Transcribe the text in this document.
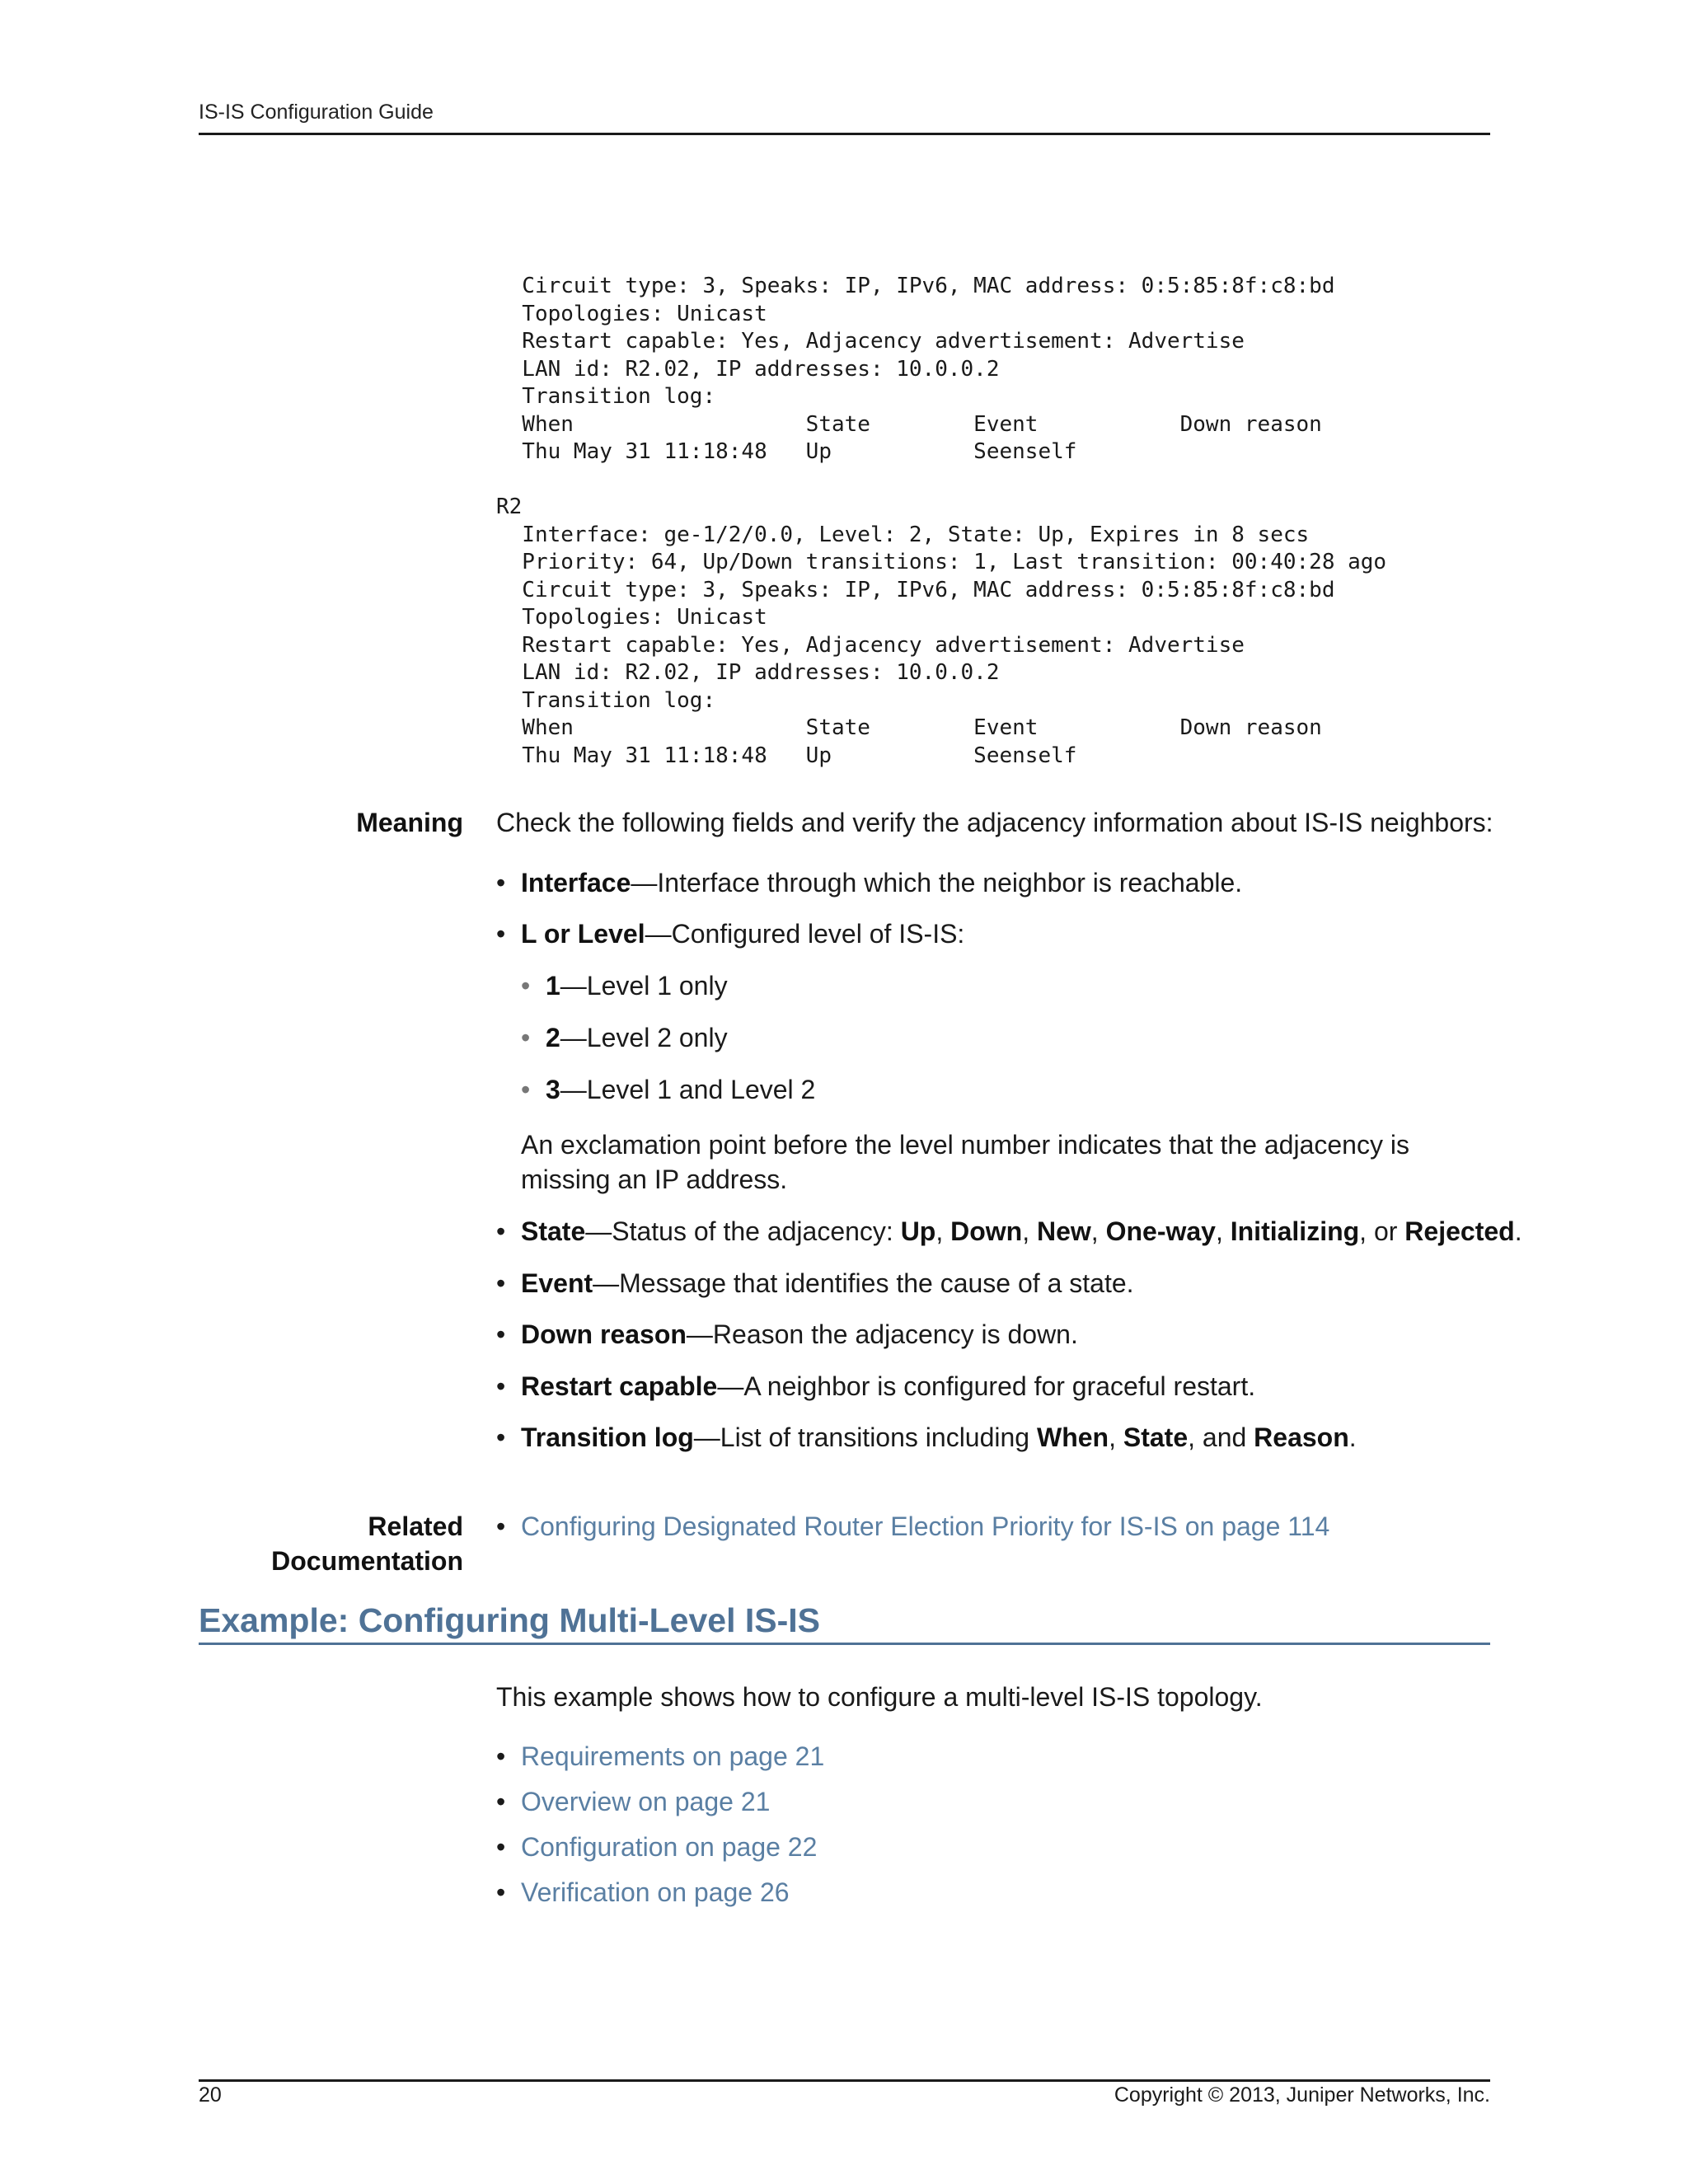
IS-IS Configuration Guide
Circuit type: 3, Speaks: IP, IPv6, MAC address: 0:5:85:8f:c8:bd
Topologies: Unicast
Restart capable: Yes, Adjacency advertisement: Advertise
LAN id: R2.02, IP addresses: 10.0.0.2
Transition log:
When                  State        Event           Down reason
Thu May 31 11:18:48   Up           Seenself
R2
Interface: ge-1/2/0.0, Level: 2, State: Up, Expires in 8 secs
Priority: 64, Up/Down transitions: 1, Last transition: 00:40:28 ago
Circuit type: 3, Speaks: IP, IPv6, MAC address: 0:5:85:8f:c8:bd
Topologies: Unicast
Restart capable: Yes, Adjacency advertisement: Advertise
LAN id: R2.02, IP addresses: 10.0.0.2
Transition log:
When                  State        Event           Down reason
Thu May 31 11:18:48   Up           Seenself
Meaning Check the following fields and verify the adjacency information about IS-IS neighbors:

• Interface—Interface through which the neighbor is reachable.
• L or Level—Configured level of IS-IS:
• 1—Level 1 only
• 2—Level 2 only
• 3—Level 1 and Level 2

An exclamation point before the level number indicates that the adjacency is missing an IP address.

• State—Status of the adjacency: Up, Down, New, One-way, Initializing, or Rejected.
• Event—Message that identifies the cause of a state.
• Down reason—Reason the adjacency is down.
• Restart capable—A neighbor is configured for graceful restart.
• Transition log—List of transitions including When, State, and Reason.
Related
Documentation
• Configuring Designated Router Election Priority for IS-IS on page 114
Example: Configuring Multi-Level IS-IS

This example shows how to configure a multi-level IS-IS topology.

• Requirements on page 21
• Overview on page 21
• Configuration on page 22
• Verification on page 26
20	Copyright © 2013, Juniper Networks, Inc.
